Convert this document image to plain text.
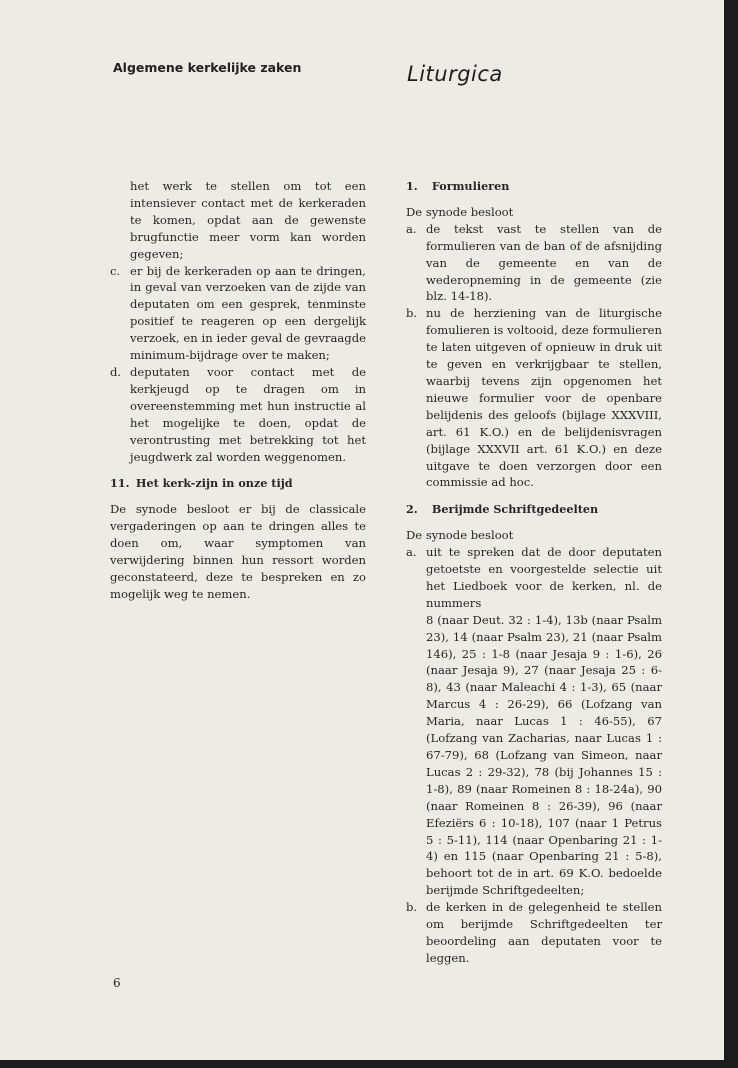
Algemene kerkelijke zaken	Liturgica

het werk te stellen om tot een intensiever contact met de kerkeraden te komen, opdat aan de gewenste brugfunctie meer vorm kan worden gegeven;

c. er bij de kerkeraden op aan te dringen, in geval van verzoeken van de zijde van deputaten om een gesprek, tenminste positief te reageren op een dergelijk verzoek, en in ieder geval de gevraagde minimum-bijdrage over te maken;
d. deputaten voor contact met de kerkjeugd op te dragen om in overeenstemming met hun instructie al het mogelijke te doen, opdat de verontrusting met betrekking tot het jeugdwerk zal worden weggenomen.

11. Het kerk-zijn in onze tijd

De synode besloot er bij de classicale vergaderingen op aan te dringen alles te doen om, waar symptomen van verwijdering binnen hun ressort worden geconstateerd, deze te bespreken en zo mogelijk weg te nemen.

1. Formulieren

De synode besloot

a. de tekst vast te stellen van de formulieren van de ban of de afsnijding van de gemeente en van de wederopneming in de gemeente (zie blz. 14-18).
b. nu de herziening van de liturgische fomulieren is voltooid, deze formulieren te laten uitgeven of opnieuw in druk uit te geven en verkrijgbaar te stellen, waarbij tevens zijn opgenomen het nieuwe formulier voor de openbare belijdenis des geloofs (bijlage XXXVIII, art. 61 K.O.) en de belijdenisvragen (bijlage XXXVII art. 61 K.O.) en deze uitgave te doen verzorgen door een commissie ad hoc.

2. Berijmde Schriftgedeelten

De synode besloot

a. uit te spreken dat de door deputaten getoetste en voorgestelde selectie uit het Liedboek voor de kerken, nl. de nummers

8 (naar Deut. 32 : 1-4), 13b (naar Psalm 23), 14 (naar Psalm 23), 21 (naar Psalm 146), 25 : 1-8 (naar Jesaja 9 : 1-6), 26 (naar Jesaja 9), 27 (naar Jesaja 25 : 6-8), 43 (naar Maleachi 4 : 1-3), 65 (naar Marcus 4 : 26-29), 66 (Lofzang van Maria, naar Lucas 1 : 46-55), 67 (Lofzang van Zacharias, naar Lucas 1 : 67-79), 68 (Lofzang van Simeon, naar Lucas 2 : 29-32), 78 (bij Johannes 15 : 1-8), 89 (naar Romeinen 8 : 18-24a), 90 (naar Romeinen 8 : 26-39), 96 (naar Efeziërs 6 : 10-18), 107 (naar 1 Petrus 5 : 5-11), 114 (naar Openbaring 21 : 1-4) en 115 (naar Openbaring 21 : 5-8), behoort tot de in art. 69 K.O. bedoelde berijmde Schriftgedeelten;

b. de kerken in de gelegenheid te stellen om berijmde Schriftgedeelten ter beoordeling aan deputaten voor te leggen.
6
